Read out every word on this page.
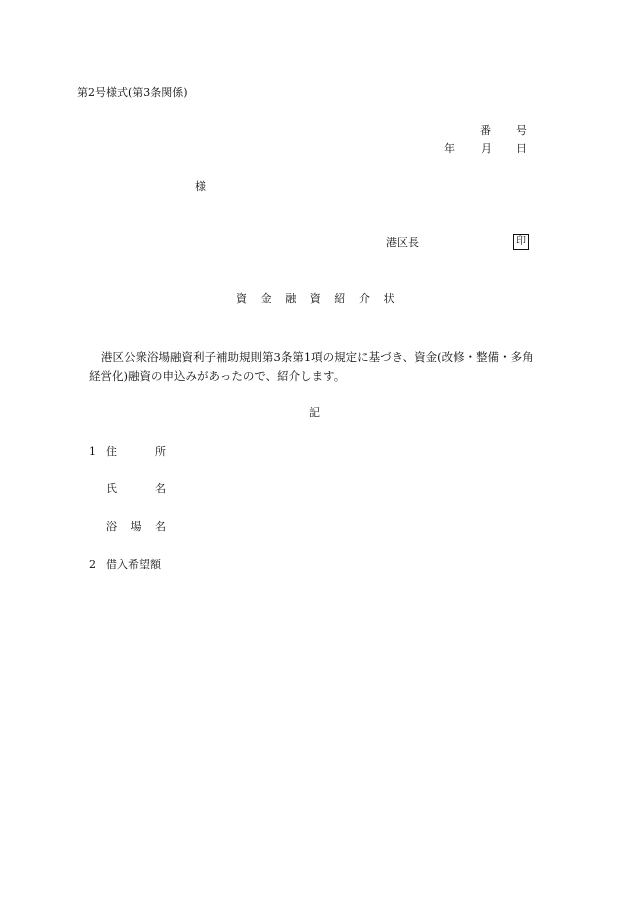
第2号様式(第3条関係)
番 号
年 月 日
様
港区長	印
資 金 融 資 紹 介 状
港区公衆浴場融資利子補助規則第3条第1項の規定に基づき、資金(改修・整備・多角
経営化)融資の申込みがあったので、紹介します。
記
1 住	所
氏	名
浴 場 名
2 借入希望額
